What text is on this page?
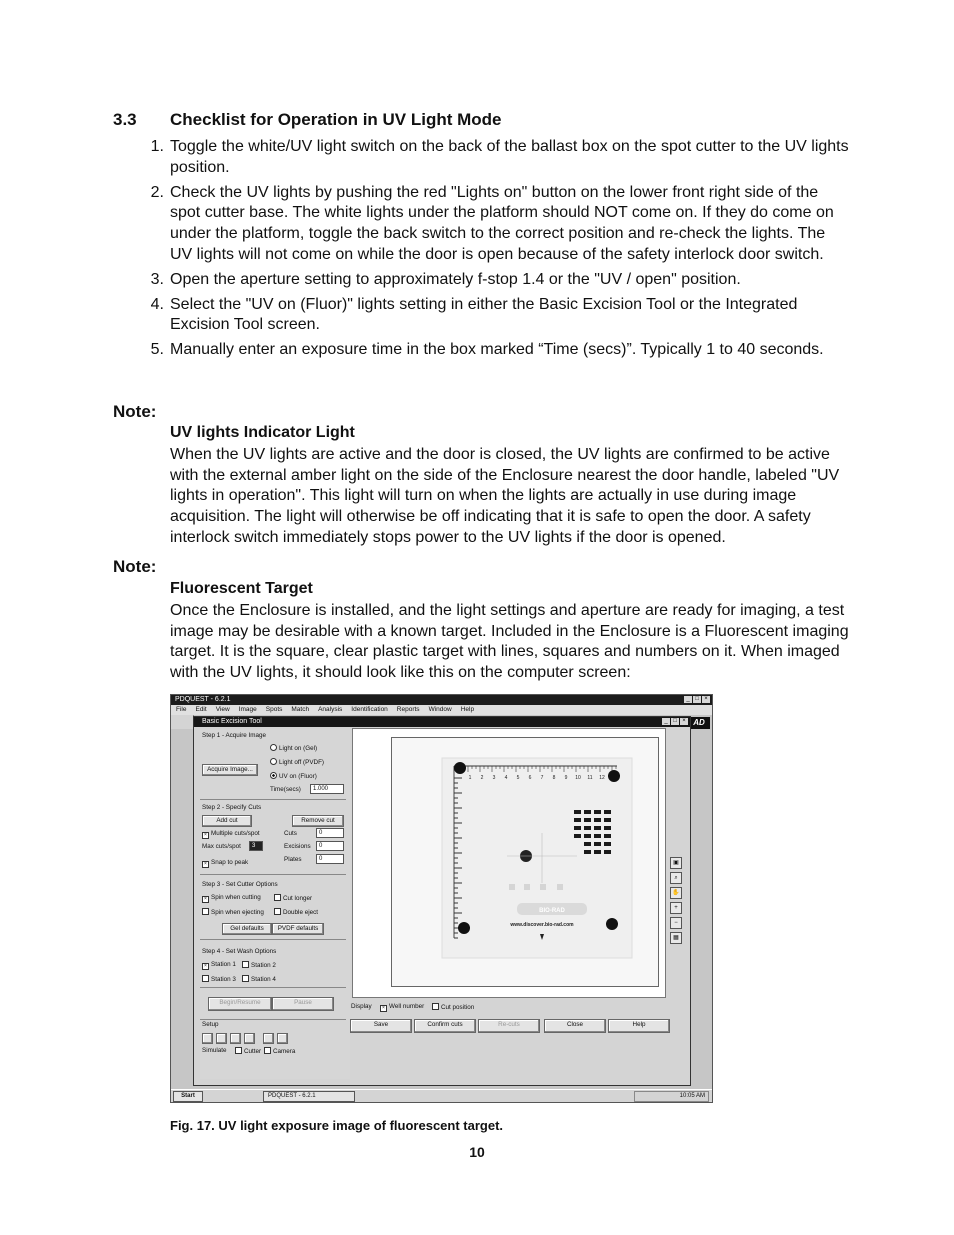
3.3 Checklist for Operation in UV Light Mode
1. Toggle the white/UV light switch on the back of the ballast box on the spot cutter to the UV lights position.
2. Check the UV lights by pushing the red "Lights on" button on the lower front right side of the spot cutter base. The white lights under the platform should NOT come on. If they do come on under the platform, toggle the back switch to the correct position and re-check the lights. The UV lights will not come on while the door is open because of the safety interlock door switch.
3. Open the aperture setting to approximately f-stop 1.4 or the "UV / open" position.
4. Select the "UV on (Fluor)" lights setting in either the Basic Excision Tool or the Integrated Excision Tool screen.
5. Manually enter an exposure time in the box marked “Time (secs)”. Typically 1 to 40 seconds.
Note:
UV lights Indicator Light

When the UV lights are active and the door is closed, the UV lights are confirmed to be active with the external amber light on the side of the Enclosure nearest the door handle, labeled "UV lights in operation". This light will turn on when the lights are actually in use during image acquisition. The light will otherwise be off indicating that it is safe to open the door. A safety interlock switch immediately stops power to the UV lights if the door is opened.

Note:
Fluorescent Target

Once the Enclosure is installed, and the light settings and aperture are ready for imaging, a test image may be desirable with a known target. Included in the Enclosure is a Fluorescent imaging target. It is the square, clear plastic target with lines, squares and numbers on it. When imaged with the UV lights, it should look like this on the computer screen:

PDQUEST - 6.2.1	_ □ ×
File Edit View Image Spots Match Analysis Identification Reports Window Help
AD
Basic Excision Tool	_ □ ×
Step 1 - Acquire Image
Light on (Gel)
Light off (PVDF)
Acquire Image...
UV on (Fluor)
Time(secs)	1.000
Step 2 - Specify Cuts
Add cut	Remove cut
× Multiple cuts/spot	Cuts	0
Max cuts/spot	3	Excisions	0
Plates	0
× Snap to peak
Step 3 - Set Cutter Options
× Spin when cutting	Cut longer
Spin when ejecting	Double eject
Gel defaults	PVDF defaults
Step 4 - Set Wash Options
× Station 1	Station 2
Station 3	Station 4
Begin/Resume	Pause
Setup
Simulate	Cutter	Camera
1 2 3 4 5 6 7 8 9 10 11 12
BIO-RAD
www.discover.bio-rad.com
▣
⌕
✋
+
−
▦
Display	× Well number	Cut position
Save	Confirm cuts	Re-cuts	Close	Help
Start	PDQUEST - 6.2.1	10:05 AM
Fig. 17. UV light exposure image of fluorescent target.
10
